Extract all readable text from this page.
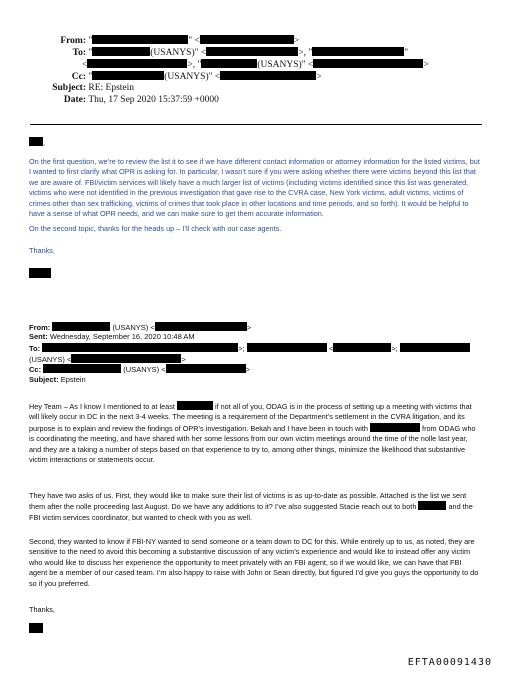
From: "	" <	>
To: "	(USANYS)" <	>, "	"
<	>, "	(USANYS)" <	>
Cc: "	(USANYS)" <	>
Subject: RE: Epstein
Date: Thu, 17 Sep 2020 15:37:59 +0000
,
On the first question, we’re to review the list it to see if we have different contact information or attorney information for the listed victims, but I wanted to first clarify what OPR is asking for. In particular, I wasn’t sure if you were asking whether there were victims beyond this list that we are aware of. FBI/victim services will likely have a much larger list of victims (including victims identified since this list was generated, victims who were not identified in the previous investigation that gave rise to the CVRA case, New York victims, adult victims, victims of crimes other than sex trafficking, victims of crimes that took place in other locations and time periods, and so forth). It would be helpful to have a sense of what OPR needs, and we can make sure to get them accurate information.
On the second topic, thanks for the heads up – I’ll check with our case agents.
Thanks,
From:	(USANYS) <	>
Sent: Wednesday, September 16, 2020 10:48 AM
To:	>;	<	>;
(USANYS) <	>
Cc:	(USANYS) <	>
Subject: Epstein
Hey Team – As I know I mentioned to at least	if not all of you, ODAG is in the process of setting up a meeting with victims that will likely occur in DC in the next 3-4 weeks. The meeting is a requirement of the Department’s settlement in the CVRA litigation, and its purpose is to explain and review the findings of OPR’s investigation. Bekah and I have been in touch with	from ODAG who is coordinating the meeting, and have shared with her some lessons from our own victim meetings around the time of the nolle last year, and they are a taking a number of steps based on that experience to try to, among other things, minimize the likelihood that substantive victim interactions or statements occur.
They have two asks of us. First, they would like to make sure their list of victims is as up-to-date as possible. Attached is the list we sent them after the nolle proceeding last August. Do we have any additions to it? I’ve also suggested Stacie reach out to both	and the FBI victim services coordinator, but wanted to check with you as well.
Second, they wanted to know if FBI-NY wanted to send someone or a team down to DC for this. While entirely up to us, as noted, they are sensitive to the need to avoid this becoming a substantive discussion of any victim’s experience and would like to instead offer any victim who would like to discuss her experience the opportunity to meet privately with an FBI agent, so if we would like, we can have that FBI agent be a member of our cased team. I’m also happy to raise with John or Sean directly, but figured I’d give you guys the opportunity to do so if you preferred.
Thanks,
EFTA00091430
